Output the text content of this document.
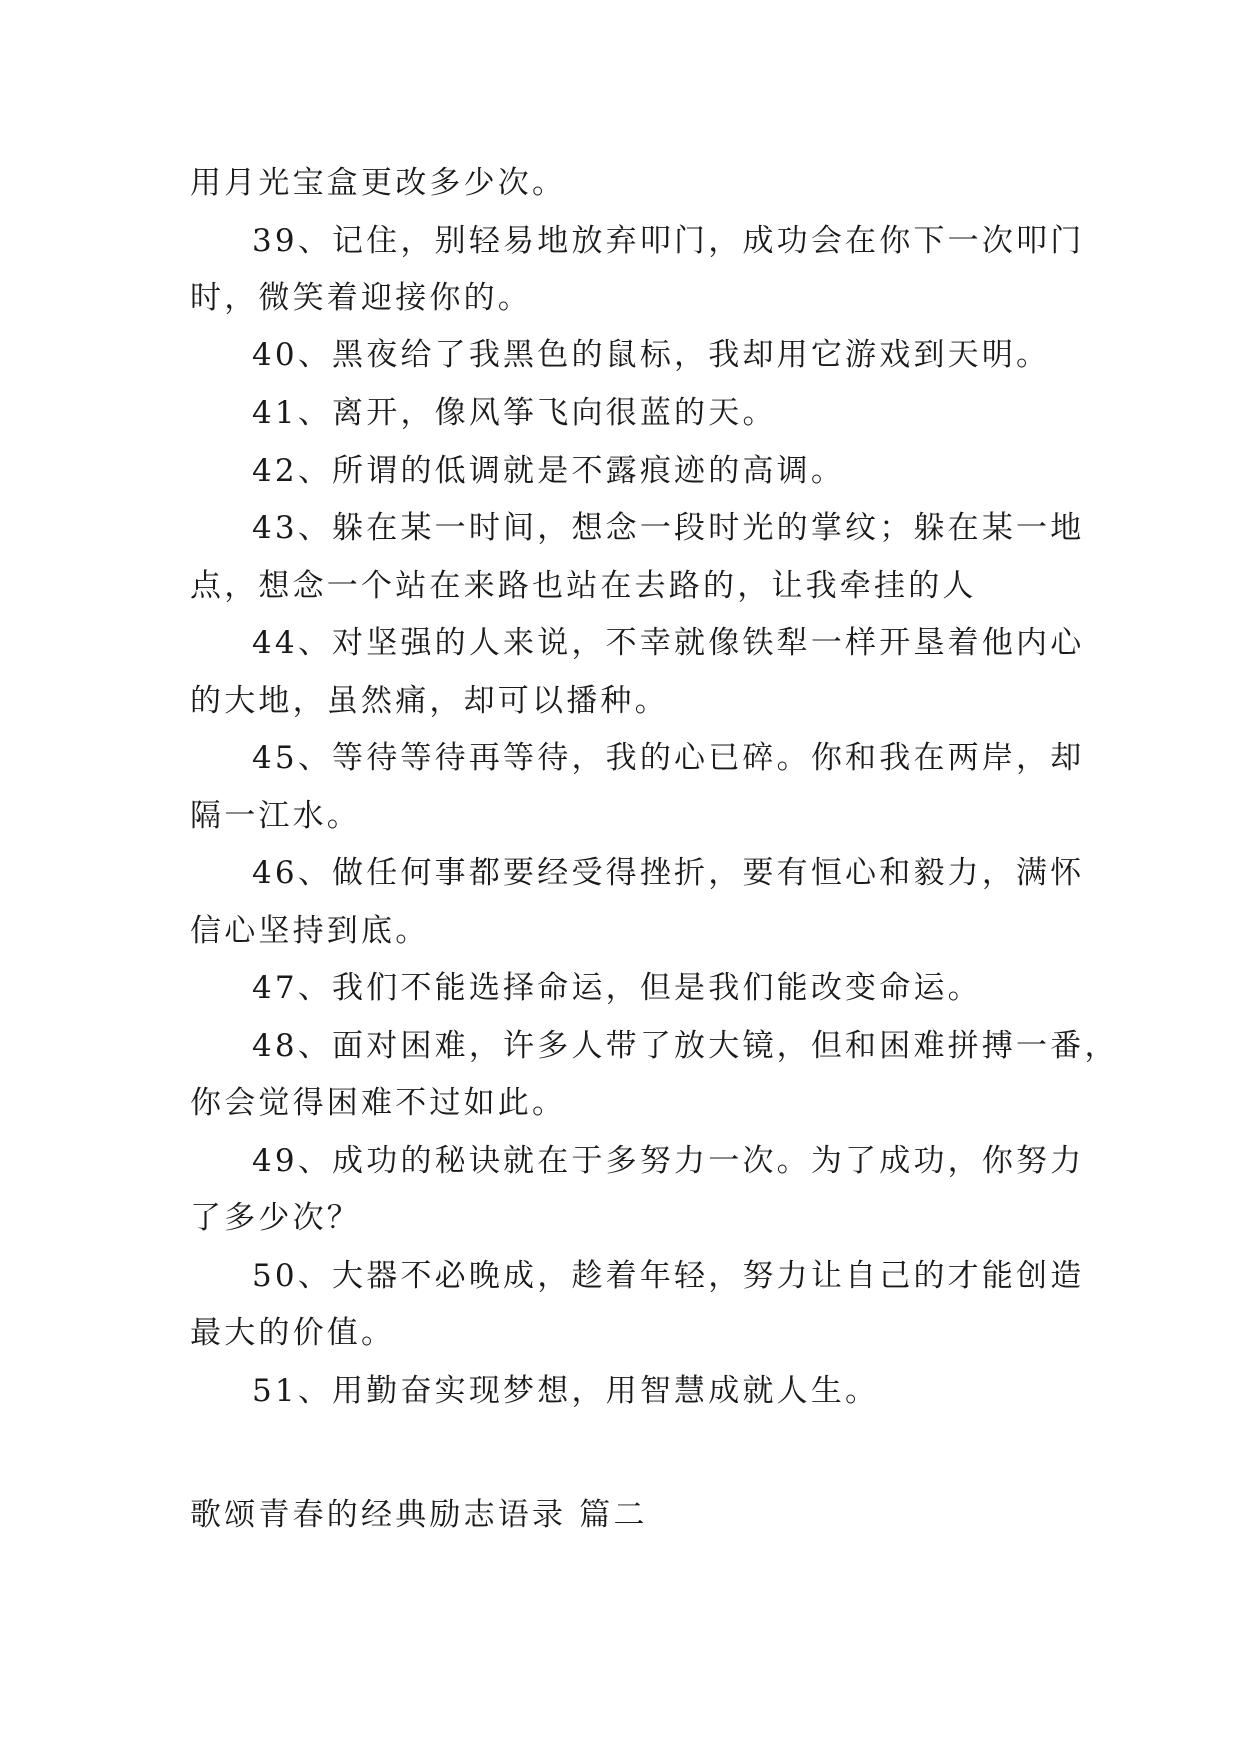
用月光宝盒更改多少次。
39、记住，别轻易地放弃叩门，成功会在你下一次叩门
时，微笑着迎接你的。
40、黑夜给了我黑色的鼠标，我却用它游戏到天明。
41、离开，像风筝飞向很蓝的天。
42、所谓的低调就是不露痕迹的高调。
43、躲在某一时间，想念一段时光的掌纹；躲在某一地
点，想念一个站在来路也站在去路的，让我牵挂的人
44、对坚强的人来说，不幸就像铁犁一样开垦着他内心
的大地，虽然痛，却可以播种。
45、等待等待再等待，我的心已碎。你和我在两岸，却
隔一江水。
46、做任何事都要经受得挫折，要有恒心和毅力，满怀
信心坚持到底。
47、我们不能选择命运，但是我们能改变命运。
48、面对困难，许多人带了放大镜，但和困难拼搏一番，
你会觉得困难不过如此。
49、成功的秘诀就在于多努力一次。为了成功，你努力
了多少次？
50、大器不必晚成，趁着年轻，努力让自己的才能创造
最大的价值。
51、用勤奋实现梦想，用智慧成就人生。
歌颂青春的经典励志语录 篇二
